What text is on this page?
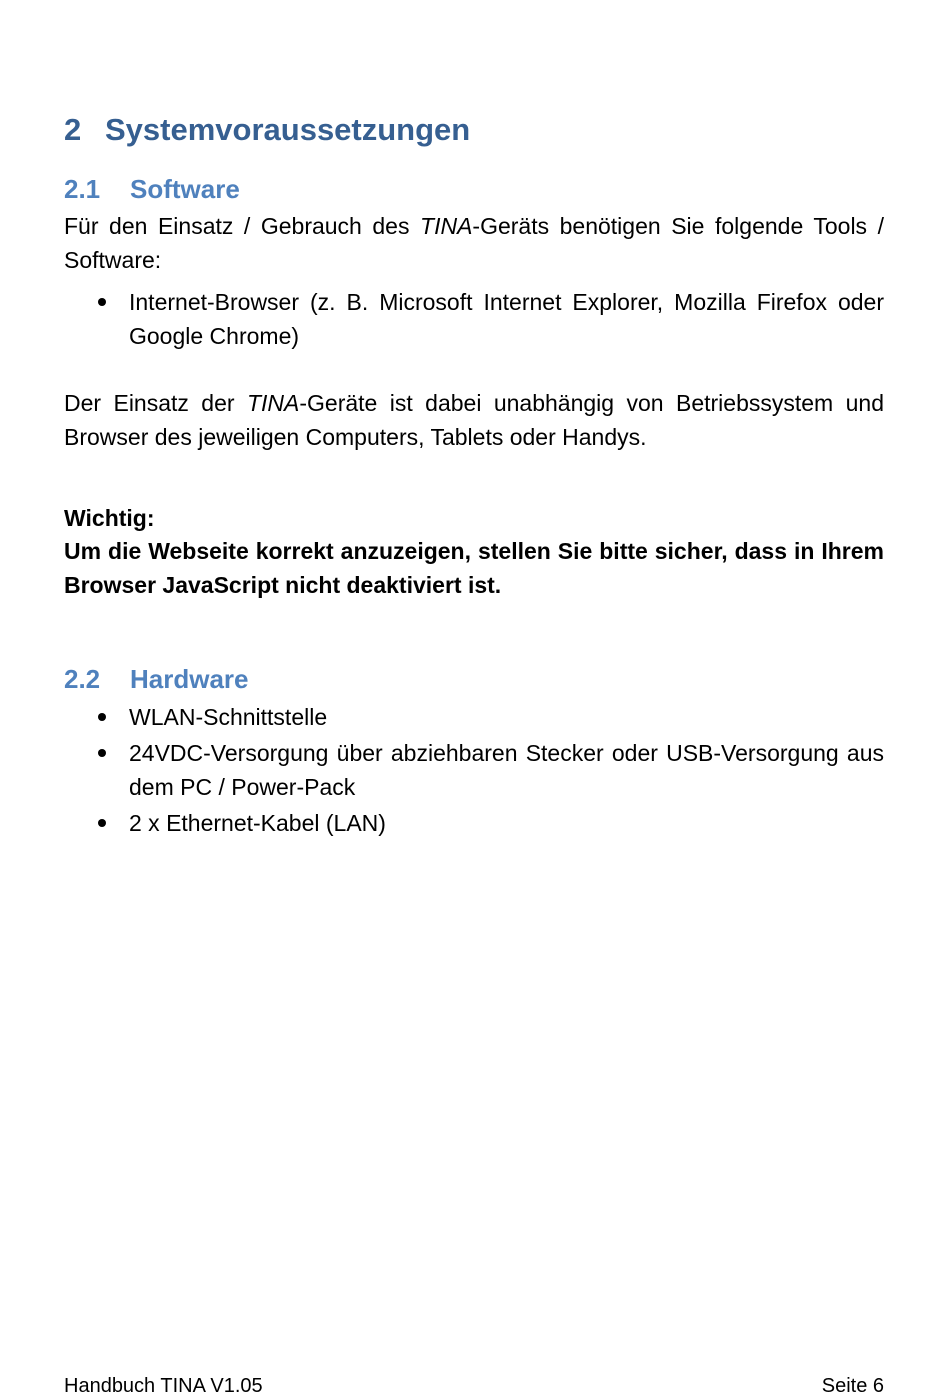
2 Systemvoraussetzungen
2.1 Software

Für den Einsatz / Gebrauch des TINA-Geräts benötigen Sie folgende Tools / Software:

Internet-Browser (z. B. Microsoft Internet Explorer, Mozilla Firefox oder Google Chrome)

Der Einsatz der TINA-Geräte ist dabei unabhängig von Betriebssystem und Browser des jeweiligen Computers, Tablets oder Handys.

Wichtig:

Um die Webseite korrekt anzuzeigen, stellen Sie bitte sicher, dass in Ihrem Browser JavaScript nicht deaktiviert ist.

2.2 Hardware
WLAN-Schnittstelle
24VDC-Versorgung über abziehbaren Stecker oder USB-Versorgung aus dem PC / Power-Pack
2 x Ethernet-Kabel (LAN)
Handbuch TINA V1.05	Seite 6
